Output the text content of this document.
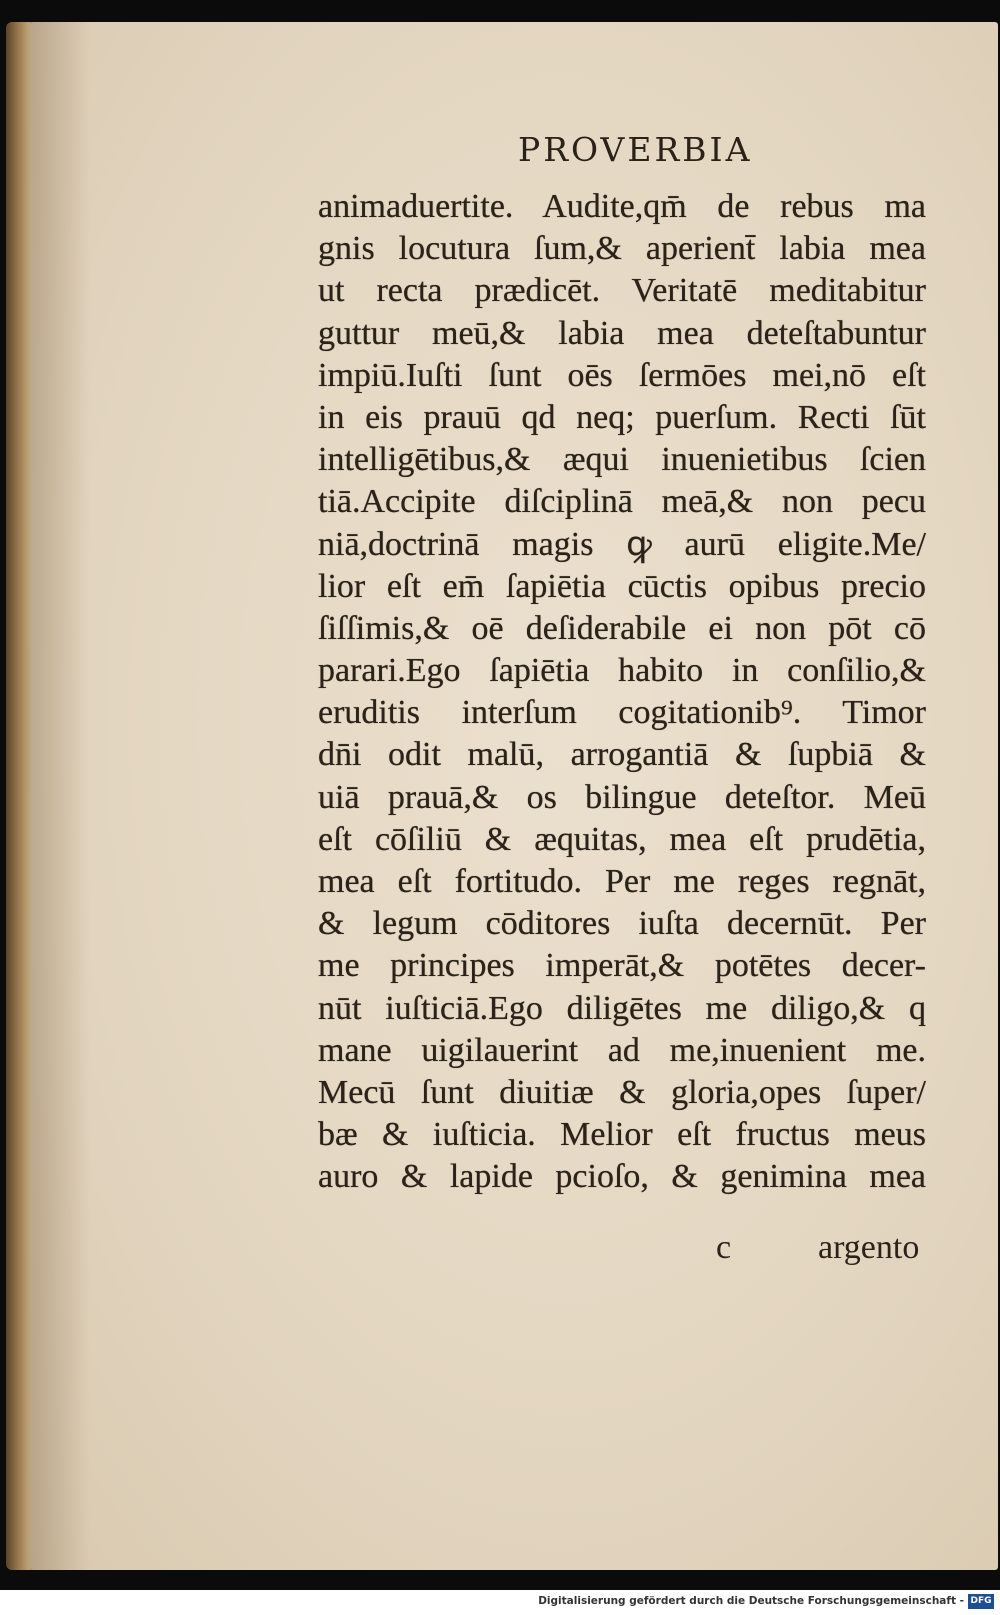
PROVERBIA
animaduertite. Audite,qm̄ de rebus ma
gnis locutura ſum,& aperient̄ labia mea
ut recta prædicēt. Veritatē meditabitur
guttur meū,& labia mea deteſtabuntur
impiū.Iuſti ſunt oēs ſermōes mei,nō eſt
in eis prauū qd neq; puerſum. Recti ſūt
intelligētibus,& æqui inuenietibus ſcien
tiā.Accipite diſciplinā meā,& non pecu
niā,doctrinā magis ꝙ aurū eligite.Me/
lior eſt em̄ ſapiētia cūctis opibus precio
ſiſſimis,& oē deſiderabile ei non pōt cō
parari.Ego ſapiētia habito in conſilio,&
eruditis interſum cogitationib⁹. Timor
dn̄i odit malū, arrogantiā & ſupbiā &
uiā prauā,& os bilingue deteſtor. Meū
eſt cōſiliū & æquitas, mea eſt prudētia,
mea eſt fortitudo. Per me reges regnāt,
& legum cōditores iuſta decernūt. Per
me principes imperāt,& potētes decer-
nūt iuſticiā.Ego diligētes me diligo,& q
mane uigilauerint ad me,inuenient me.
Mecū ſunt diuitiæ & gloria,opes ſuper/
bæ & iuſticia. Melior eſt fructus meus
auro & lapide pcioſo, & genimina mea
c	argento
Digitalisierung gefördert durch die Deutsche Forschungsgemeinschaft - DFG
